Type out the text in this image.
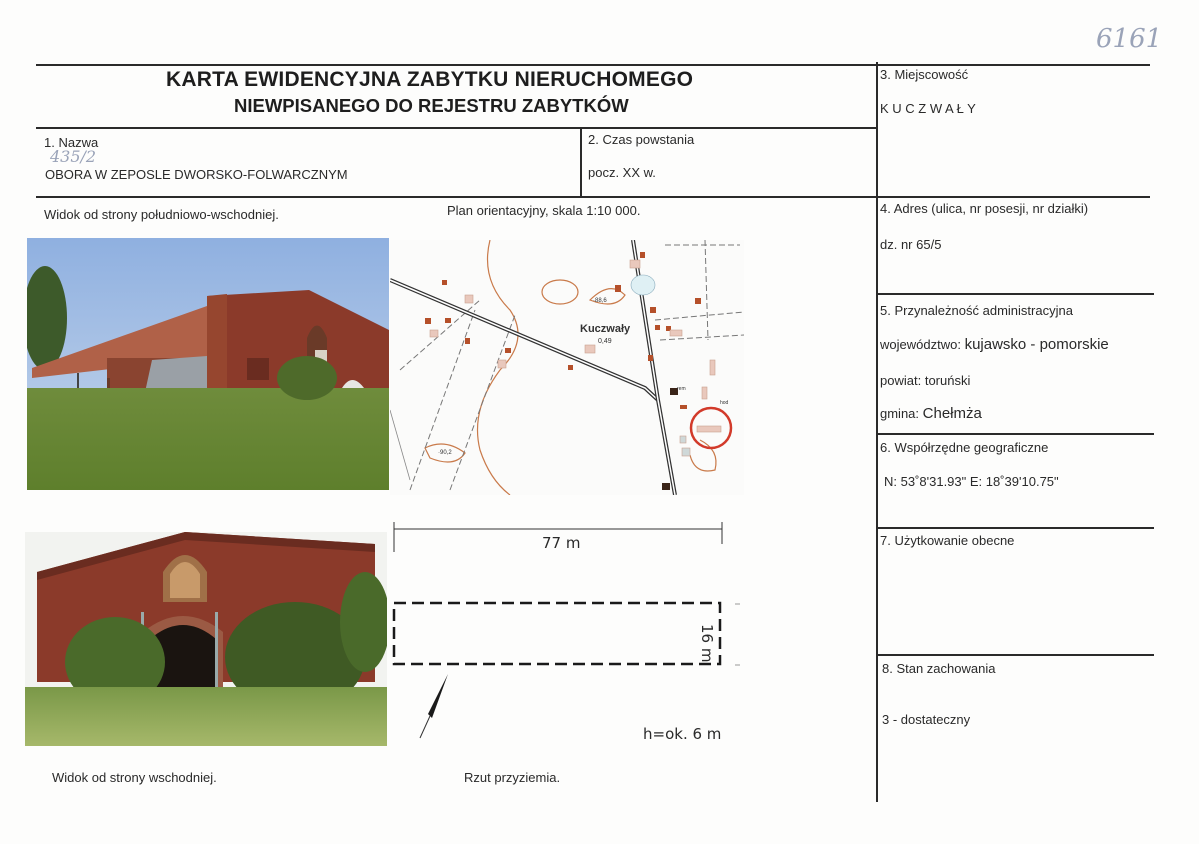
6161
KARTA EWIDENCYJNA ZABYTKU NIERUCHOMEGO
NIEWPISANEGO DO REJESTRU ZABYTKÓW
1. Nazwa
435/2
OBORA W ZEPOSLE DWORSKO-FOLWARCZNYM
2. Czas powstania
pocz. XX w.
3. Miejscowość
K U C Z W A Ł Y
4. Adres (ulica, nr posesji, nr działki)
dz. nr 65/5
5. Przynależność administracyjna
województwo: kujawsko - pomorskie
powiat: toruński
gmina: Chełmża
6. Współrzędne geograficzne
N: 53˚8'31.93" E: 18˚39'10.75"
7. Użytkowanie obecne
8. Stan zachowania
3 - dostateczny
Widok od strony południowo-wschodniej.	Plan orientacyjny, skala 1:10 000.
Widok od strony wschodniej.	Rzut przyziemia.
Kuczwały
0,49
·88,6
·90,2
rem
hod
77 m
16 m
h=ok. 6 m
